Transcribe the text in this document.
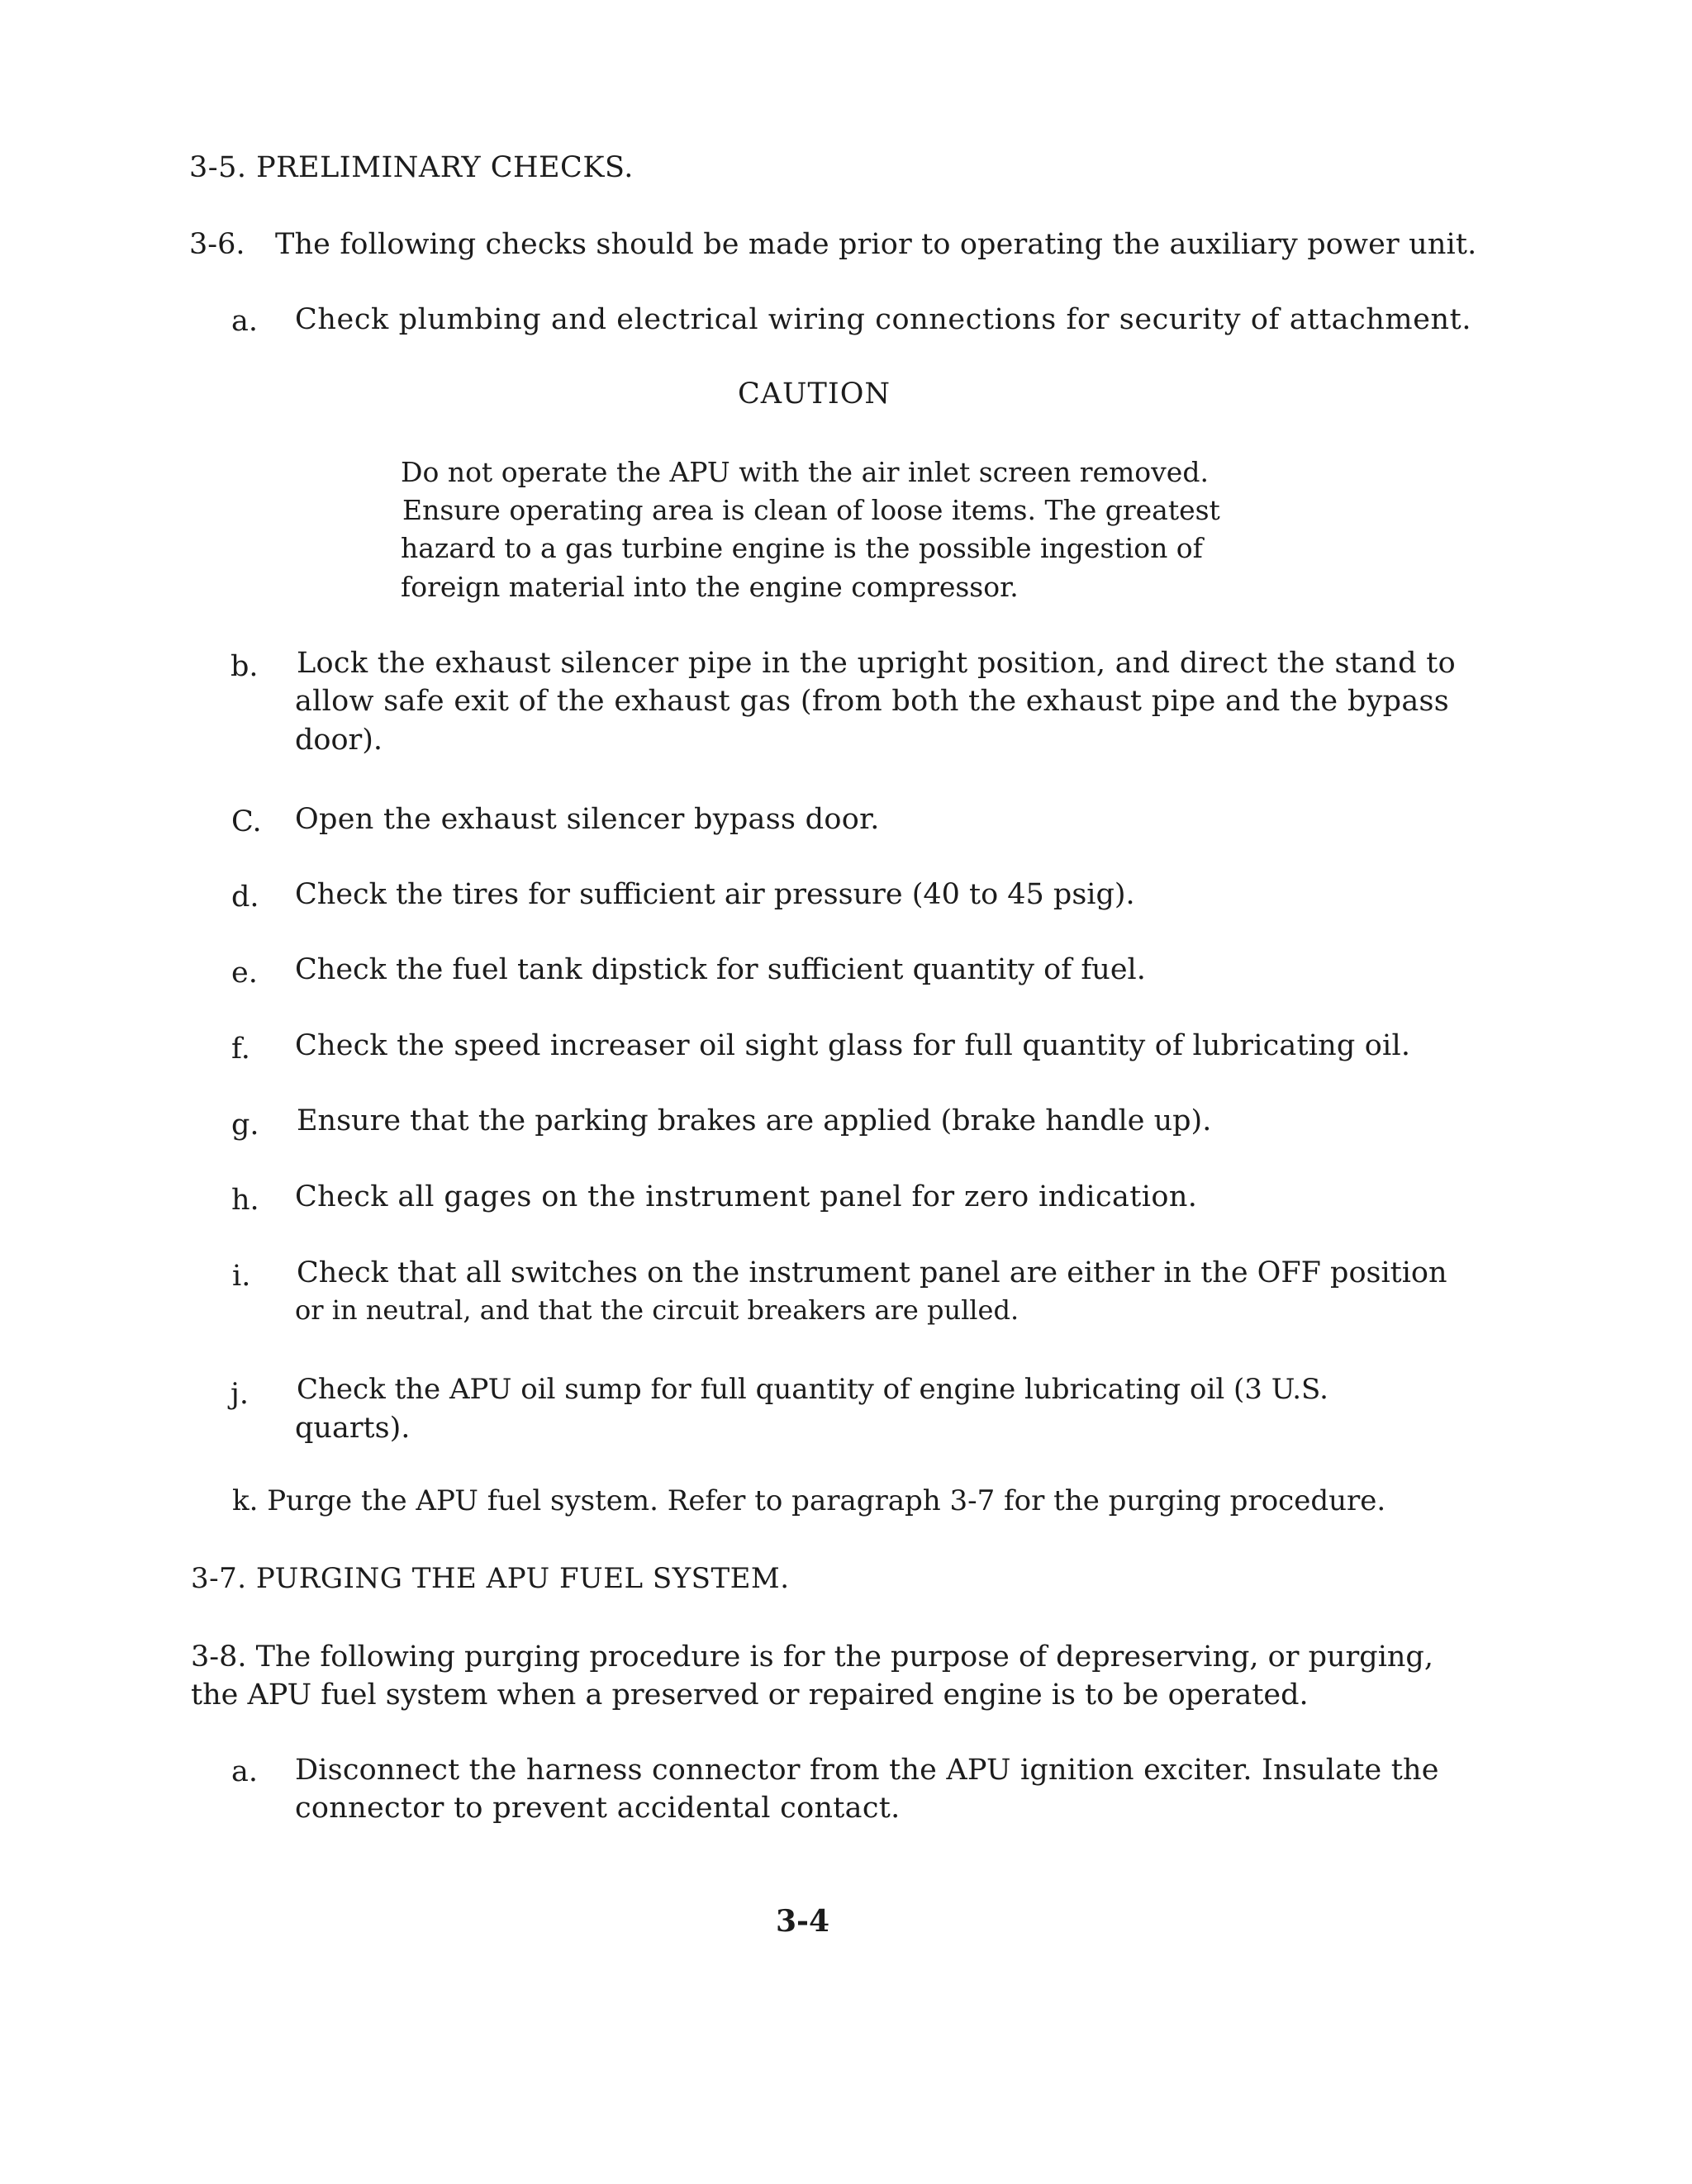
3-5. PRELIMINARY CHECKS.
3-6. The following checks should be made prior to operating the auxiliary power unit.
a.	Check plumbing and electrical wiring connections for security of attachment.
CAUTION
Do not operate the APU with the air inlet screen removed.
Ensure operating area is clean of loose items. The greatest
hazard to a gas turbine engine is the possible ingestion of
foreign material into the engine compressor.
b.	Lock the exhaust silencer pipe in the upright position, and direct the stand to
allow safe exit of the exhaust gas (from both the exhaust pipe and the bypass
door).
C.	Open the exhaust silencer bypass door.
d.	Check the tires for sufficient air pressure (40 to 45 psig).
e.	Check the fuel tank dipstick for sufficient quantity of fuel.
f.	Check the speed increaser oil sight glass for full quantity of lubricating oil.
g.	Ensure that the parking brakes are applied (brake handle up).
h.	Check all gages on the instrument panel for zero indication.
i.	Check that all switches on the instrument panel are either in the OFF position
or in neutral, and that the circuit breakers are pulled.
j.	Check the APU oil sump for full quantity of engine lubricating oil (3 U.S.
quarts).
k. Purge the APU fuel system. Refer to paragraph 3-7 for the purging procedure.
3-7. PURGING THE APU FUEL SYSTEM.
3-8. The following purging procedure is for the purpose of depreserving, or purging,
the APU fuel system when a preserved or repaired engine is to be operated.
a.	Disconnect the harness connector from the APU ignition exciter. Insulate the
connector to prevent accidental contact.
3-4
